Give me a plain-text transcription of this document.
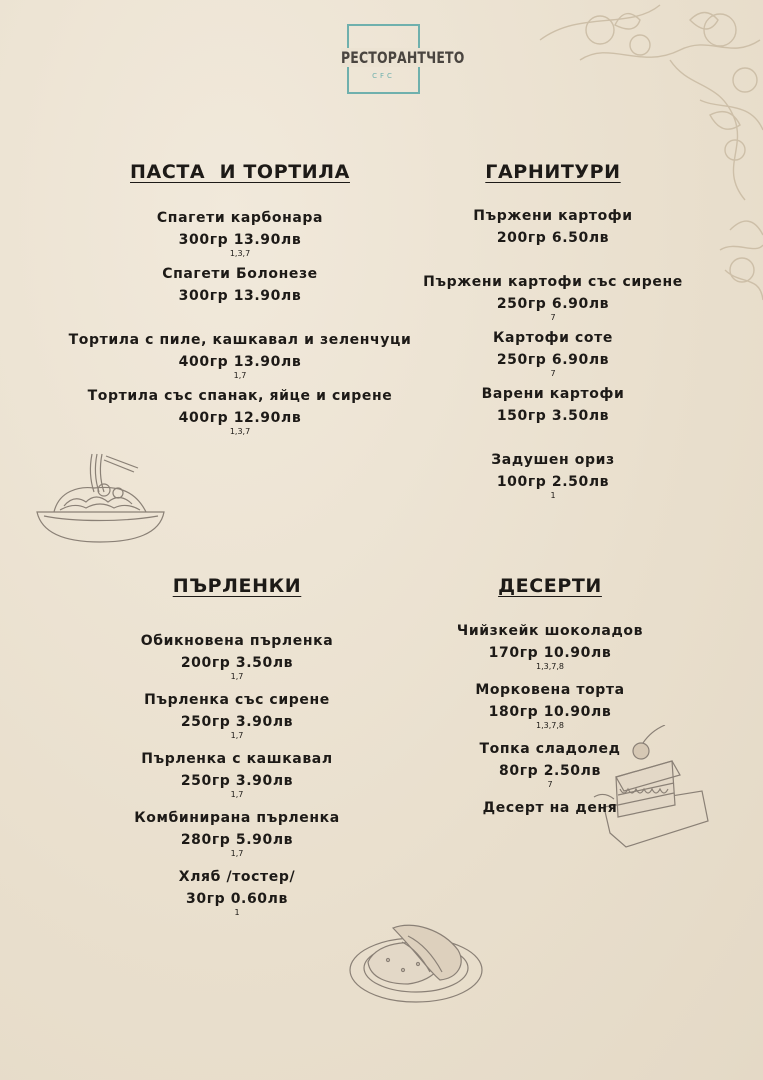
РЕСТОРАНТЧЕТО
CFC
ПАСТА  И ТОРТИЛА
Спагети карбонара
300гр 13.90лв
1,3,7
Спагети Болонезе
300гр 13.90лв
Тортила с пиле, кашкавал и зеленчуци
400гр 13.90лв
1,7
Тортила със спанак, яйце и сирене
400гр 12.90лв
1,3,7
ГАРНИТУРИ
Пържени картофи
200гр 6.50лв
Пържени картофи със сирене
250гр 6.90лв
7
Картофи соте
250гр 6.90лв
7
Варени картофи
150гр 3.50лв
Задушен ориз
100гр 2.50лв
1
ПЪРЛЕНКИ
Обикновена пърленка
200гр 3.50лв
1,7
Пърленка със сирене
250гр 3.90лв
1,7
Пърленка с кашкавал
250гр 3.90лв
1,7
Комбинирана пърленка
280гр 5.90лв
1,7
Хляб /тостер/
30гр 0.60лв
1
ДЕСЕРТИ
Чийзкейк шоколадов
170гр 10.90лв
1,3,7,8
Морковена торта
180гр 10.90лв
1,3,7,8
Топка сладолед
80гр 2.50лв
7
Десерт на деня
